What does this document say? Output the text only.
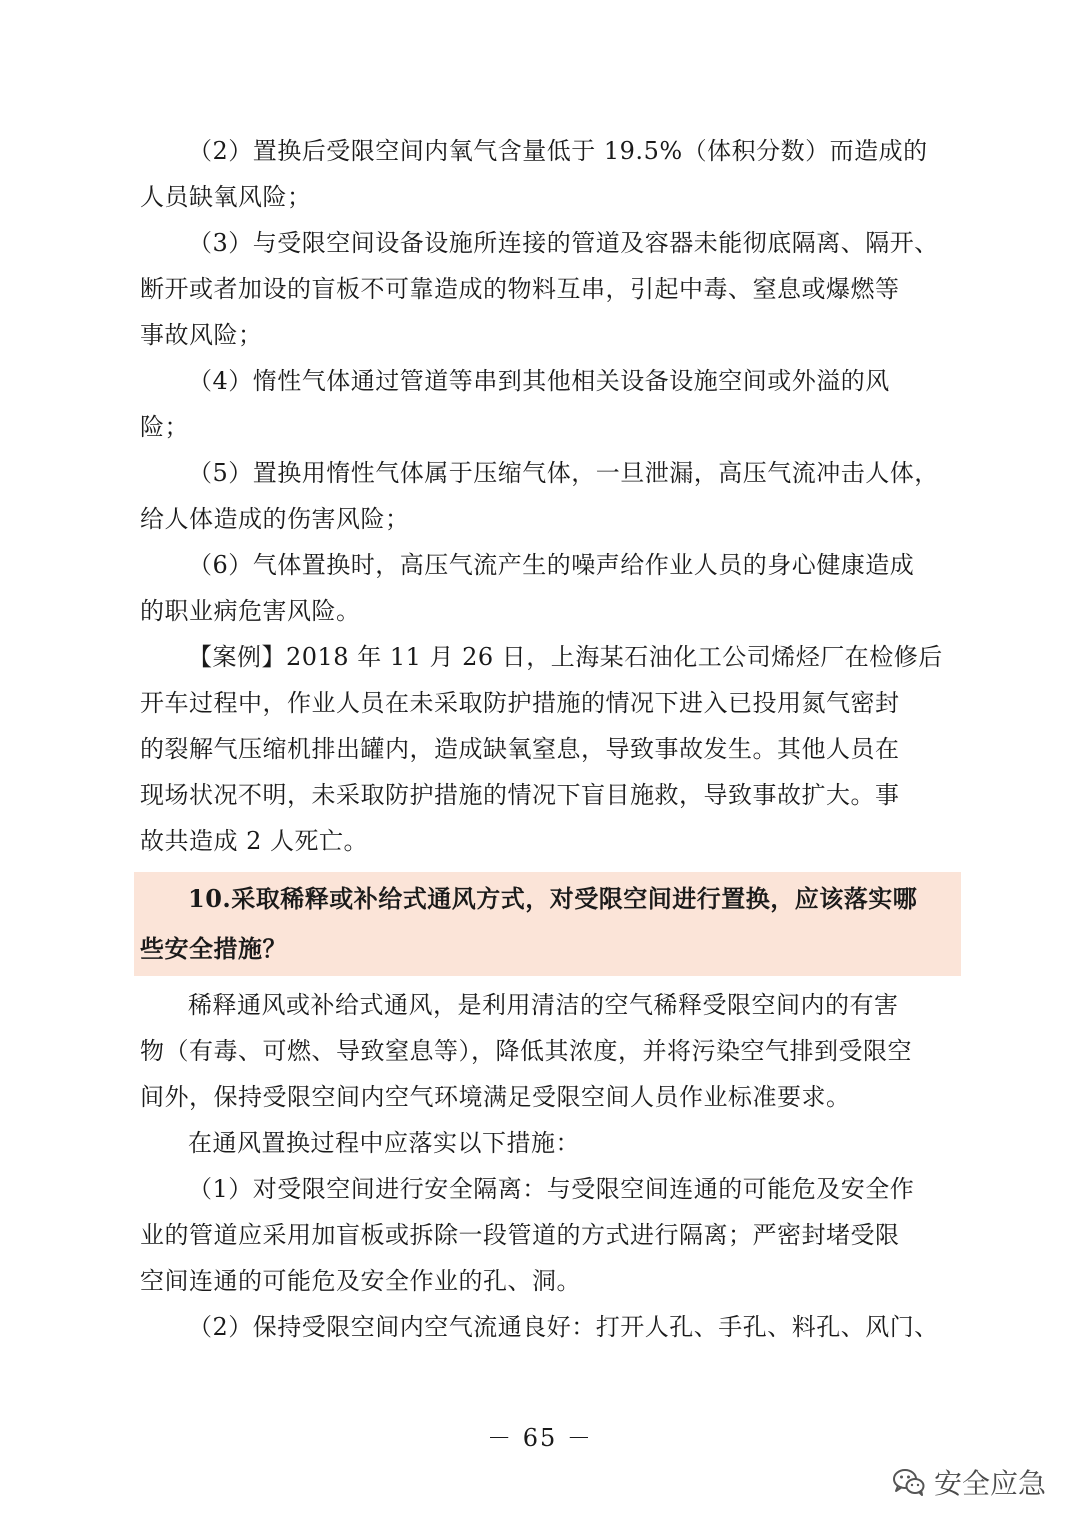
（2）置换后受限空间内氧气含量低于 19.5%（体积分数）而造成的
人员缺氧风险；

（3）与受限空间设备设施所连接的管道及容器未能彻底隔离、隔开、
断开或者加设的盲板不可靠造成的物料互串，引起中毒、窒息或爆燃等
事故风险；

（4）惰性气体通过管道等串到其他相关设备设施空间或外溢的风
险；

（5）置换用惰性气体属于压缩气体，一旦泄漏，高压气流冲击人体，
给人体造成的伤害风险；

（6）气体置换时，高压气流产生的噪声给作业人员的身心健康造成
的职业病危害风险。

【案例】2018 年 11 月 26 日，上海某石油化工公司烯烃厂在检修后
开车过程中，作业人员在未采取防护措施的情况下进入已投用氮气密封
的裂解气压缩机排出罐内，造成缺氧窒息，导致事故发生。其他人员在
现场状况不明，未采取防护措施的情况下盲目施救，导致事故扩大。事
故共造成 2 人死亡。

10.采取稀释或补给式通风方式，对受限空间进行置换，应该落实哪
些安全措施？

稀释通风或补给式通风，是利用清洁的空气稀释受限空间内的有害
物（有毒、可燃、导致窒息等），降低其浓度，并将污染空气排到受限空
间外，保持受限空间内空气环境满足受限空间人员作业标准要求。

在通风置换过程中应落实以下措施：

（1）对受限空间进行安全隔离：与受限空间连通的可能危及安全作
业的管道应采用加盲板或拆除一段管道的方式进行隔离；严密封堵受限
空间连通的可能危及安全作业的孔、洞。

（2）保持受限空间内空气流通良好：打开人孔、手孔、料孔、风门、

－ 65 －
安全应急
